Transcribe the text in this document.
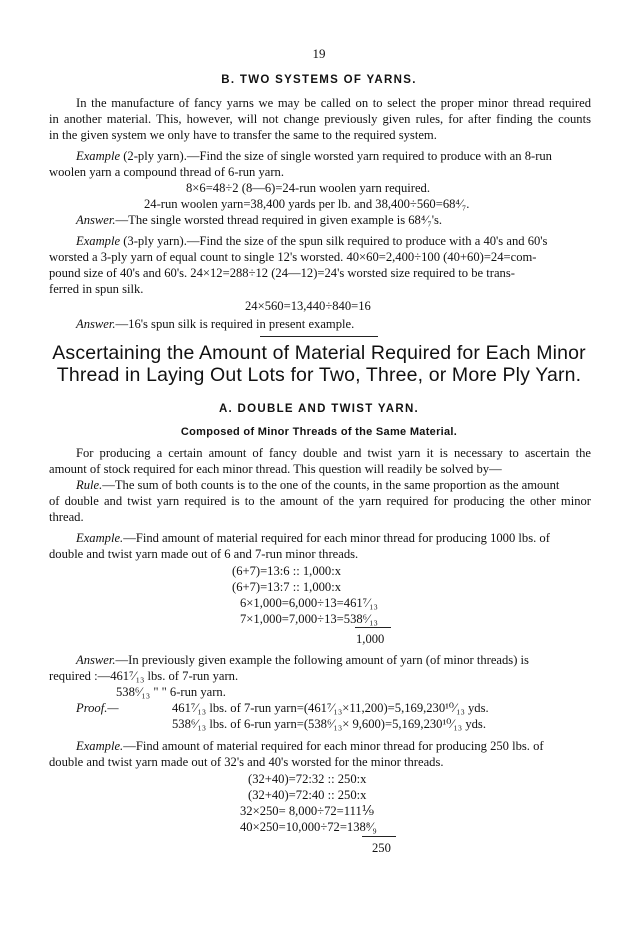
19
B. TWO SYSTEMS OF YARNS.
In the manufacture of fancy yarns we may be called on to select the proper minor thread required
in another material. This, however, will not change previously given rules, for after finding the counts
in the given system we only have to transfer the same to the required system.
Example (2-ply yarn).—Find the size of single worsted yarn required to produce with an 8-run
woolen yarn a compound thread of 6-run yarn.
8×6=48÷2 (8—6)=24-run woolen yarn required.
24-run woolen yarn=38,400 yards per lb. and 38,400÷560=68⁴⁄₇.
Answer.—The single worsted thread required in given example is 68⁴⁄₇'s.
Example (3-ply yarn).—Find the size of the spun silk required to produce with a 40's and 60's
worsted a 3-ply yarn of equal count to single 12's worsted. 40×60=2,400÷100 (40+60)=24=com-
pound size of 40's and 60's. 24×12=288÷12 (24—12)=24's worsted size required to be trans-
ferred in spun silk.
24×560=13,440÷840=16
Answer.—16's spun silk is required in present example.
Ascertaining the Amount of Material Required for Each Minor
Thread in Laying Out Lots for Two, Three, or More Ply Yarn.
A. DOUBLE AND TWIST YARN.
Composed of Minor Threads of the Same Material.
For producing a certain amount of fancy double and twist yarn it is necessary to ascertain the
amount of stock required for each minor thread. This question will readily be solved by—
Rule.—The sum of both counts is to the one of the counts, in the same proportion as the amount
of double and twist yarn required is to the amount of the yarn required for producing the other minor
thread.
Example.—Find amount of material required for each minor thread for producing 1000 lbs. of
double and twist yarn made out of 6 and 7-run minor threads.
(6+7)=13:6 :: 1,000:x
(6+7)=13:7 :: 1,000:x
6×1,000=6,000÷13=461⁷⁄₁₃
7×1,000=7,000÷13=538⁶⁄₁₃
1,000
Answer.—In previously given example the following amount of yarn (of minor threads) is
required :—461⁷⁄₁₃ lbs. of 7-run yarn.
538⁶⁄₁₃ " " 6-run yarn.
Proof.—	461⁷⁄₁₃ lbs. of 7-run yarn=(461⁷⁄₁₃×11,200)=5,169,230¹⁰⁄₁₃ yds.
538⁶⁄₁₃ lbs. of 6-run yarn=(538⁶⁄₁₃× 9,600)=5,169,230¹⁰⁄₁₃ yds.
Example.—Find amount of material required for each minor thread for producing 250 lbs. of
double and twist yarn made out of 32's and 40's worsted for the minor threads.
(32+40)=72:32 :: 250:x
(32+40)=72:40 :: 250:x
32×250= 8,000÷72=111⅑
40×250=10,000÷72=138⁸⁄₉
250
